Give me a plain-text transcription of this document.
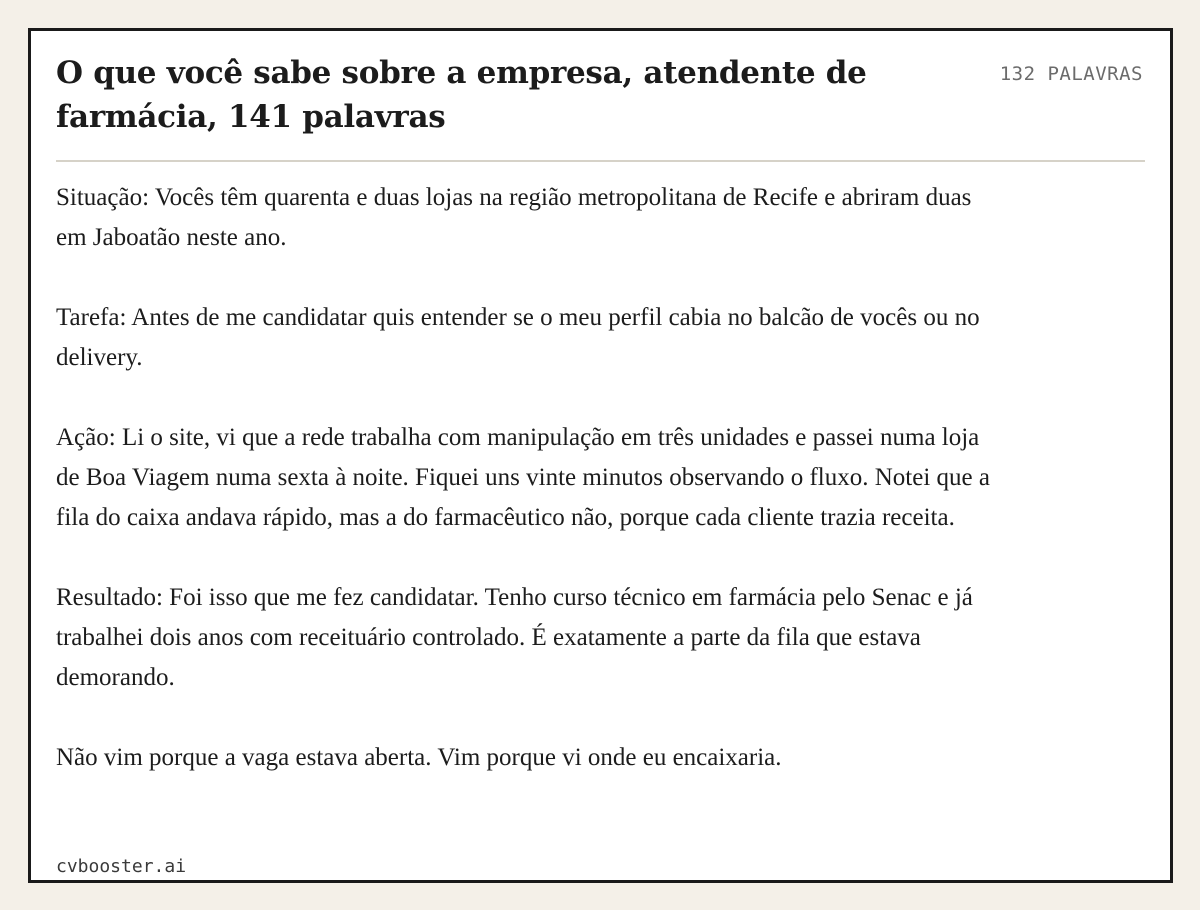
O que você sabe sobre a empresa, atendente de farmácia, 141 palavras
132 PALAVRAS

Situação: Vocês têm quarenta e duas lojas na região metropolitana de Recife e abriram duas em Jaboatão neste ano.

Tarefa: Antes de me candidatar quis entender se o meu perfil cabia no balcão de vocês ou no delivery.

Ação: Li o site, vi que a rede trabalha com manipulação em três unidades e passei numa loja de Boa Viagem numa sexta à noite. Fiquei uns vinte minutos observando o fluxo. Notei que a fila do caixa andava rápido, mas a do farmacêutico não, porque cada cliente trazia receita.

Resultado: Foi isso que me fez candidatar. Tenho curso técnico em farmácia pelo Senac e já trabalhei dois anos com receituário controlado. É exatamente a parte da fila que estava demorando.

Não vim porque a vaga estava aberta. Vim porque vi onde eu encaixaria.

cvbooster.ai
